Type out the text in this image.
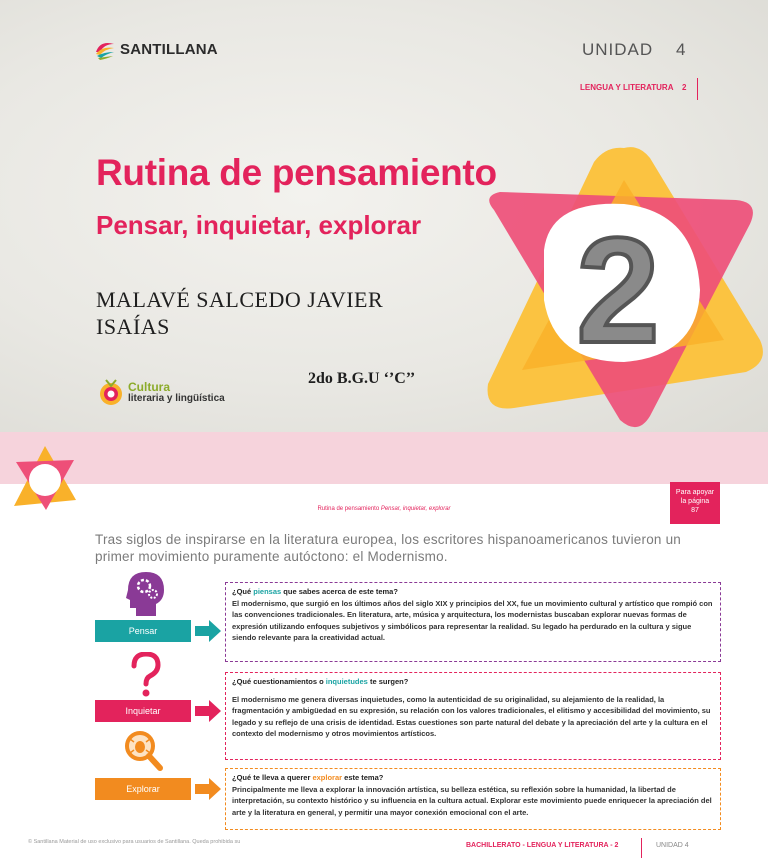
SANTILLANA	UNIDAD 4
LENGUA Y LITERATURA 2
Rutina de pensamiento
Pensar, inquietar, explorar
MALAVÉ SALCEDO JAVIER ISAÍAS
Cultura
literaria y lingüística
2do B.G.U ‘’C’’
2
Rutina de pensamiento Pensar, inquietar, explorar
Para apoyar
la página
87

Tras siglos de inspirarse en la literatura europea, los escritores hispanoamericanos tuvieron un primer movimiento puramente autóctono: el Modernismo.

Pensar
¿Qué piensas que sabes acerca de este tema?
El modernismo, que surgió en los últimos años del siglo XIX y principios del XX, fue un movimiento cultural y artístico que rompió con las convenciones tradicionales. En literatura, arte, música y arquitectura, los modernistas buscaban explorar nuevas formas de expresión utilizando enfoques subjetivos y simbólicos para representar la realidad. Su legado ha perdurado en la cultura y sigue siendo relevante para la creatividad actual.
Inquietar
¿Qué cuestionamientos o inquietudes te surgen?
El modernismo me genera diversas inquietudes, como la autenticidad de su originalidad, su alejamiento de la realidad, la fragmentación y ambigüedad en su expresión, su relación con los valores tradicionales, el elitismo y accesibilidad del movimiento, su legado y su reflejo de una crisis de identidad. Estas cuestiones son parte natural del debate y la apreciación del arte y la cultura en el contexto del modernismo y otros movimientos artísticos.
Explorar
¿Qué te lleva a querer explorar este tema?
Principalmente me lleva a explorar la innovación artística, su belleza estética, su reflexión sobre la humanidad, la libertad de interpretación, su contexto histórico y su influencia en la cultura actual. Explorar este movimiento puede enriquecer la apreciación del arte y la literatura en general, y permitir una mayor conexión emocional con el arte.
© Santillana Material de uso exclusivo para usuarios de Santillana. Queda prohibida su	BACHILLERATO - LENGUA Y LITERATURA - 2	UNIDAD 4
